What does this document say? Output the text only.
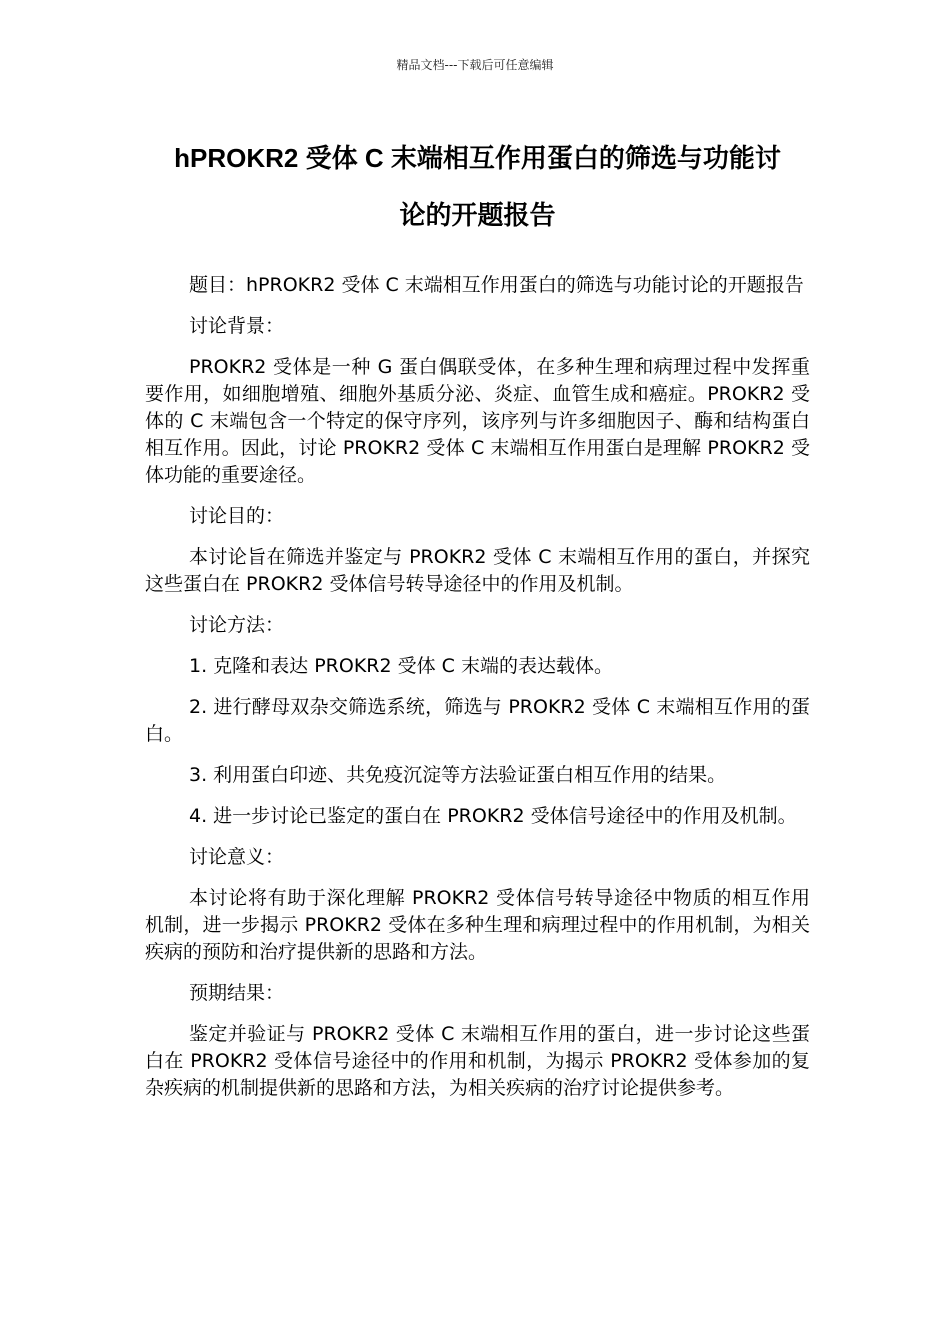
精品文档---下载后可任意编辑
hPROKR2 受体 C 末端相互作用蛋白的筛选与功能讨
论的开题报告

题目：hPROKR2 受体 C 末端相互作用蛋白的筛选与功能讨论的开题报告

讨论背景：

PROKR2 受体是一种 G 蛋白偶联受体，在多种生理和病理过程中发挥重要作用，如细胞增殖、细胞外基质分泌、炎症、血管生成和癌症。PROKR2 受体的 C 末端包含一个特定的保守序列，该序列与许多细胞因子、酶和结构蛋白相互作用。因此，讨论 PROKR2 受体 C 末端相互作用蛋白是理解 PROKR2 受体功能的重要途径。

讨论目的：

本讨论旨在筛选并鉴定与 PROKR2 受体 C 末端相互作用的蛋白，并探究这些蛋白在 PROKR2 受体信号转导途径中的作用及机制。

讨论方法：

1. 克隆和表达 PROKR2 受体 C 末端的表达载体。

2. 进行酵母双杂交筛选系统，筛选与 PROKR2 受体 C 末端相互作用的蛋白。

3. 利用蛋白印迹、共免疫沉淀等方法验证蛋白相互作用的结果。

4. 进一步讨论已鉴定的蛋白在 PROKR2 受体信号途径中的作用及机制。

讨论意义：

本讨论将有助于深化理解 PROKR2 受体信号转导途径中物质的相互作用机制，进一步揭示 PROKR2 受体在多种生理和病理过程中的作用机制，为相关疾病的预防和治疗提供新的思路和方法。

预期结果：

鉴定并验证与 PROKR2 受体 C 末端相互作用的蛋白，进一步讨论这些蛋白在 PROKR2 受体信号途径中的作用和机制，为揭示 PROKR2 受体参加的复杂疾病的机制提供新的思路和方法，为相关疾病的治疗讨论提供参考。
